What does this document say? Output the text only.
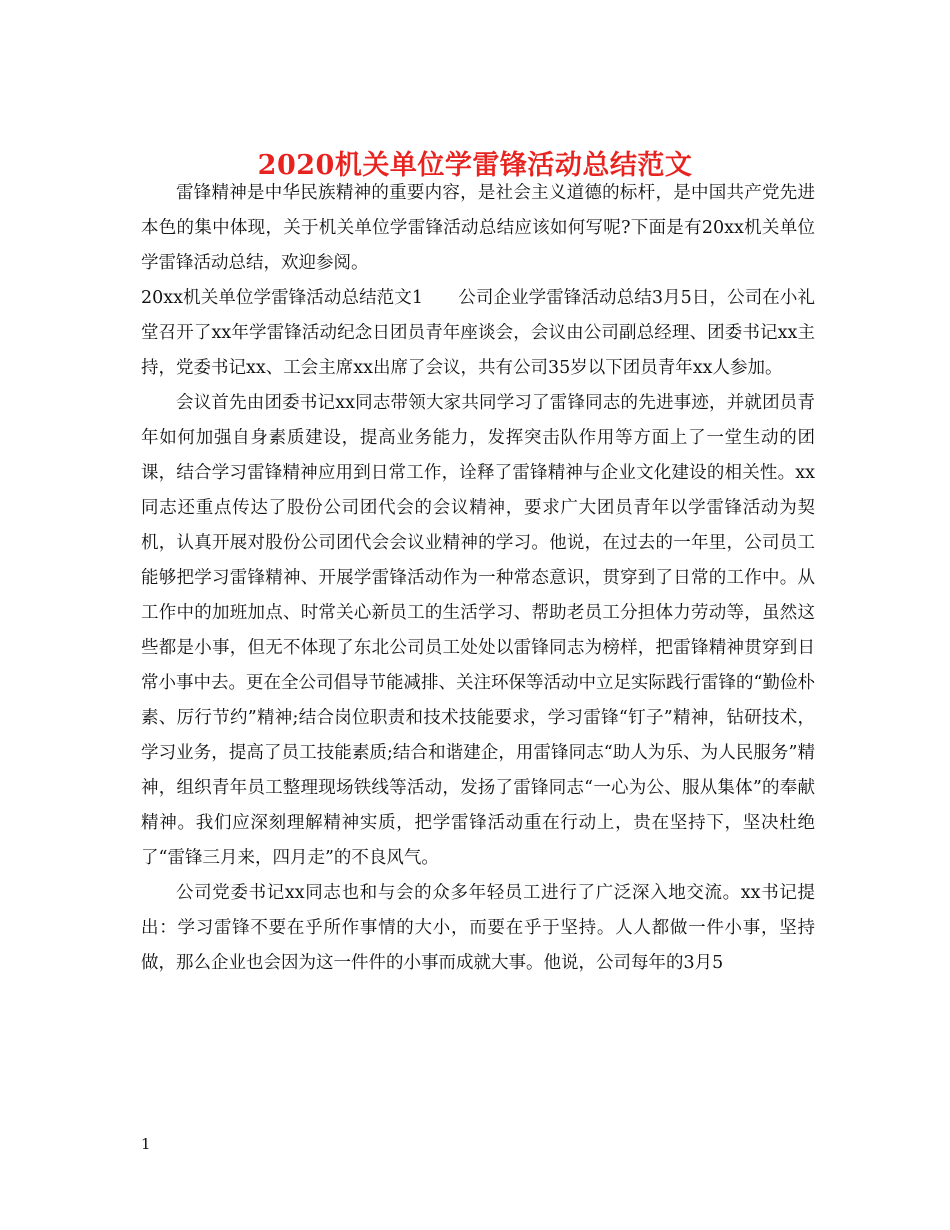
2020机关单位学雷锋活动总结范文

雷锋精神是中华民族精神的重要内容，是社会主义道德的标杆，是中国共产党先进本色的集中体现，关于机关单位学雷锋活动总结应该如何写呢?下面是有20xx机关单位学雷锋活动总结，欢迎参阅。

20xx机关单位学雷锋活动总结范文1　　公司企业学雷锋活动总结3月5日，公司在小礼堂召开了xx年学雷锋活动纪念日团员青年座谈会，会议由公司副总经理、团委书记xx主持，党委书记xx、工会主席xx出席了会议，共有公司35岁以下团员青年xx人参加。

会议首先由团委书记xx同志带领大家共同学习了雷锋同志的先进事迹，并就团员青年如何加强自身素质建设，提高业务能力，发挥突击队作用等方面上了一堂生动的团课，结合学习雷锋精神应用到日常工作，诠释了雷锋精神与企业文化建设的相关性。xx同志还重点传达了股份公司团代会的会议精神，要求广大团员青年以学雷锋活动为契机，认真开展对股份公司团代会会议业精神的学习。他说，在过去的一年里，公司员工能够把学习雷锋精神、开展学雷锋活动作为一种常态意识，贯穿到了日常的工作中。从工作中的加班加点、时常关心新员工的生活学习、帮助老员工分担体力劳动等，虽然这些都是小事，但无不体现了东北公司员工处处以雷锋同志为榜样，把雷锋精神贯穿到日常小事中去。更在全公司倡导节能减排、关注环保等活动中立足实际践行雷锋的“勤俭朴素、厉行节约”精神;结合岗位职责和技术技能要求，学习雷锋“钉子”精神，钻研技术，学习业务，提高了员工技能素质;结合和谐建企，用雷锋同志“助人为乐、为人民服务”精神，组织青年员工整理现场铁线等活动，发扬了雷锋同志“一心为公、服从集体”的奉献精神。我们应深刻理解精神实质，把学雷锋活动重在行动上，贵在坚持下，坚决杜绝了“雷锋三月来，四月走”的不良风气。

公司党委书记xx同志也和与会的众多年轻员工进行了广泛深入地交流。xx书记提出：学习雷锋不要在乎所作事情的大小，而要在乎于坚持。人人都做一件小事，坚持做，那么企业也会因为这一件件的小事而成就大事。他说，公司每年的3月5

1
